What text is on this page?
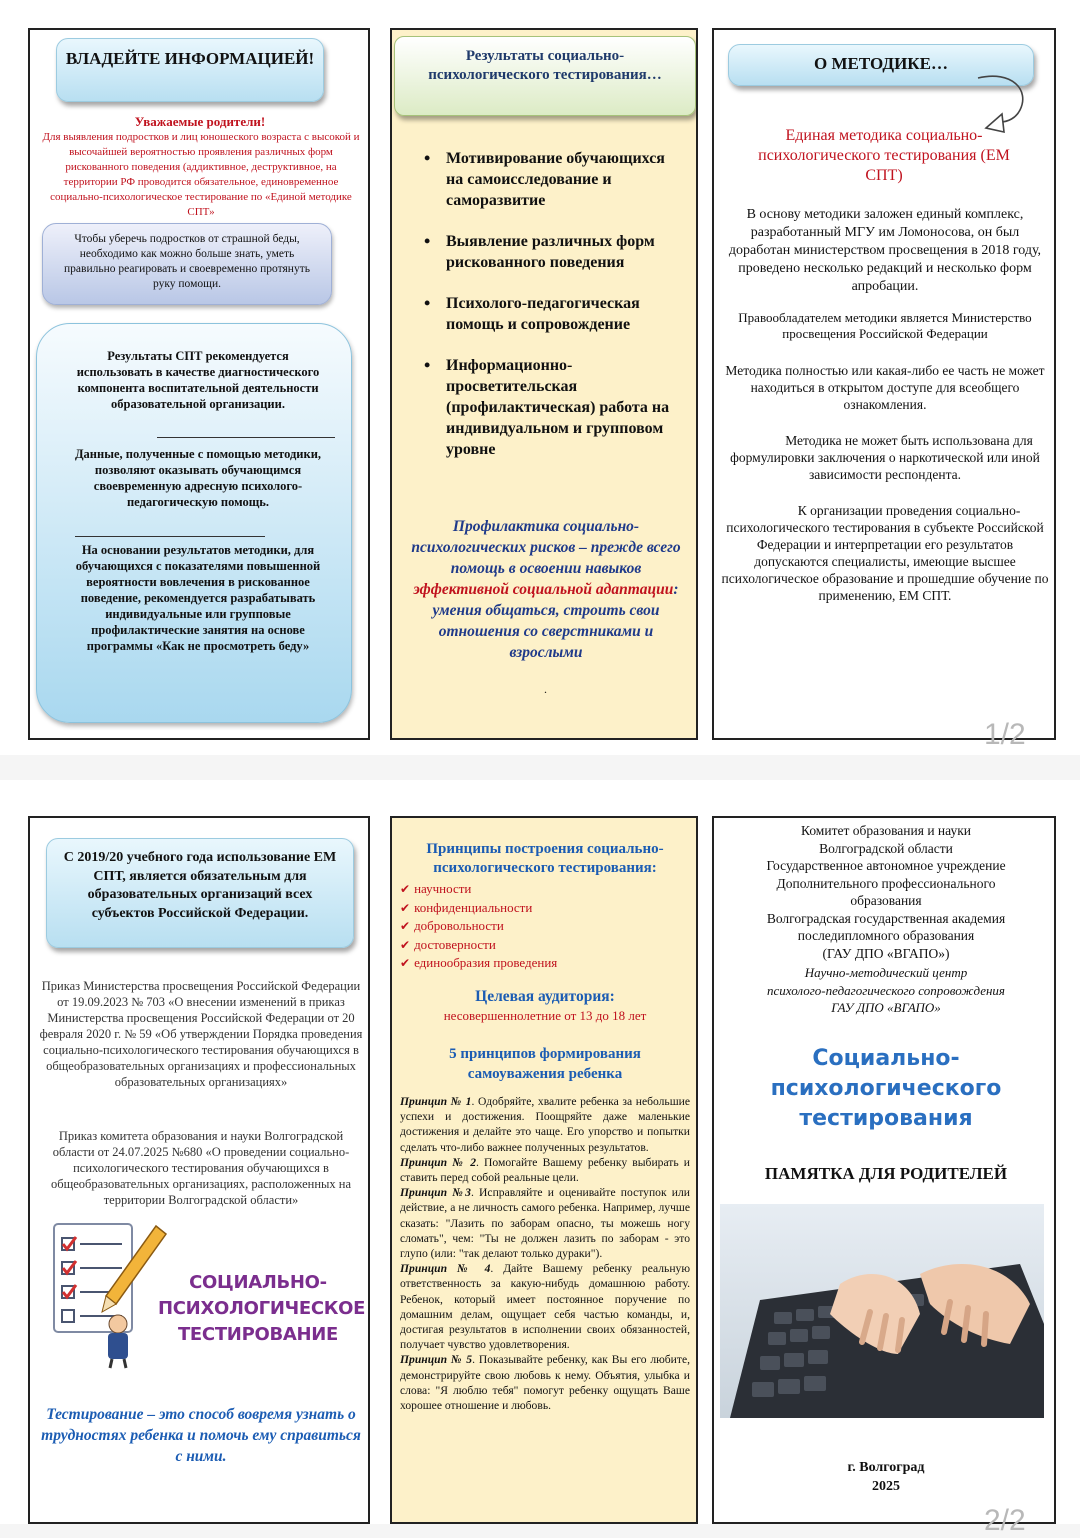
ВЛАДЕЙТЕ ИНФОРМАЦИЕЙ!
Уважаемые родители!
Для выявления подростков и лиц юношеского возраста с высокой и высочайшей вероятностью проявления различных форм рискованного поведения (аддиктивное, деструктивное, на территории РФ проводится обязательное, единовременное социально-психологическое тестирование по «Единой методике СПТ»
Чтобы уберечь подростков от страшной беды, необходимо как можно больше знать, уметь правильно реагировать и своевременно протянуть руку помощи.
Результаты СПТ рекомендуется использовать в качестве диагностического компонента воспитательной деятельности образовательной организации.
Данные, полученные с помощью методики, позволяют оказывать обучающимся своевременную адресную психолого-педагогическую помощь.
На основании результатов методики, для обучающихся с показателями повышенной вероятности вовлечения в рискованное поведение, рекомендуется разрабатывать индивидуальные или групповые профилактические занятия на основе программы «Как не просмотреть беду»
Результаты социально-психологического тестирования…
• Мотивирование обучающихся на самоисследование и саморазвитие
• Выявление различных форм рискованного поведения
• Психолого-педагогическая помощь и сопровождение
• Информационно-просветительская (профилактическая) работа на индивидуальном и групповом уровне
Профилактика социально-психологических рисков – прежде всего помощь в освоении навыков эффективной социальной адаптации: умения общаться, строить свои отношения со сверстниками и взрослыми
.
О МЕТОДИКЕ…
Единая методика социально-психологического тестирования (ЕМ СПТ)
В основу методики заложен единый комплекс, разработанный МГУ им Ломоносова, он был доработан министерством просвещения в 2018 году, проведено несколько редакций и несколько форм апробации.
Правообладателем методики является Министерство просвещения Российской Федерации
Методика полностью или какая-либо ее часть не может находиться в открытом доступе для всеобщего ознакомления.
Методика не может быть использована для формулировки заключения о наркотической или иной зависимости респондента.
К организации проведения социально-психологического тестирования в субъекте Российской Федерации и интерпретации его результатов допускаются специалисты, имеющие высшее психологическое образование и прошедшие обучение по применению, ЕМ СПТ.
1/2
С 2019/20 учебного года использование ЕМ СПТ, является обязательным для образовательных организаций всех субъектов Российской Федерации.
Приказ Министерства просвещения Российской Федерации от 19.09.2023 № 703 «О внесении изменений в приказ Министерства просвещения Российской Федерации от 20 февраля 2020 г. № 59 «Об утверждении Порядка проведения социально-психологического тестирования обучающихся в общеобразовательных организациях и профессиональных образовательных организациях»
Приказ комитета образования и науки Волгоградской области от 24.07.2025 №680 «О проведении социально-психологического тестирования обучающихся в общеобразовательных организациях, расположенных на территории Волгоградской области»
СОЦИАЛЬНО-
ПСИХОЛОГИЧЕСКОЕ
ТЕСТИРОВАНИЕ
Тестирование – это способ вовремя узнать о трудностях ребенка и помочь ему справиться с ними.
Принципы построения социально-психологического тестирования:
✔ научности
✔ конфиденциальности
✔ добровольности
✔ достоверности
✔ единообразия проведения
Целевая аудитория:
несовершеннолетние от 13 до 18 лет
5 принципов формирования самоуважения ребенка

Принцип № 1. Одобряйте, хвалите ребенка за небольшие успехи и достижения. Поощряйте даже маленькие достижения и делайте это чаще. Его упорство и попытки сделать что-либо важнее полученных результатов.

Принцип № 2. Помогайте Вашему ребенку выбирать и ставить перед собой реальные цели.

Принцип №3. Исправляйте и оценивайте поступок или действие, а не личность самого ребенка. Например, лучше сказать: "Лазить по заборам опасно, ты можешь ногу сломать", чем: "Ты не должен лазить по заборам - это глупо (или: "так делают только дураки").

Принцип № 4. Дайте Вашему ребенку реальную ответственность за какую-нибудь домашнюю работу. Ребенок, который имеет постоянное поручение по домашним делам, ощущает себя частью команды, и, достигая результатов в исполнении своих обязанностей, получает чувство удовлетворения.

Принцип № 5. Показывайте ребенку, как Вы его любите, демонстрируйте свою любовь к нему. Объятия, улыбка и слова: "Я люблю тебя" помогут ребенку ощущать Ваше хорошее отношение и любовь.

Комитет образования и науки
Волгоградской области
Государственное автономное учреждение
Дополнительного профессионального
образования
Волгоградская государственная академия
последипломного образования
(ГАУ ДПО «ВГАПО»)
Научно-методический центр
психолого-педагогического сопровождения
ГАУ ДПО «ВГАПО»
Социально-психологического тестирования
ПАМЯТКА ДЛЯ РОДИТЕЛЕЙ
г. Волгоград
2025
2/2
